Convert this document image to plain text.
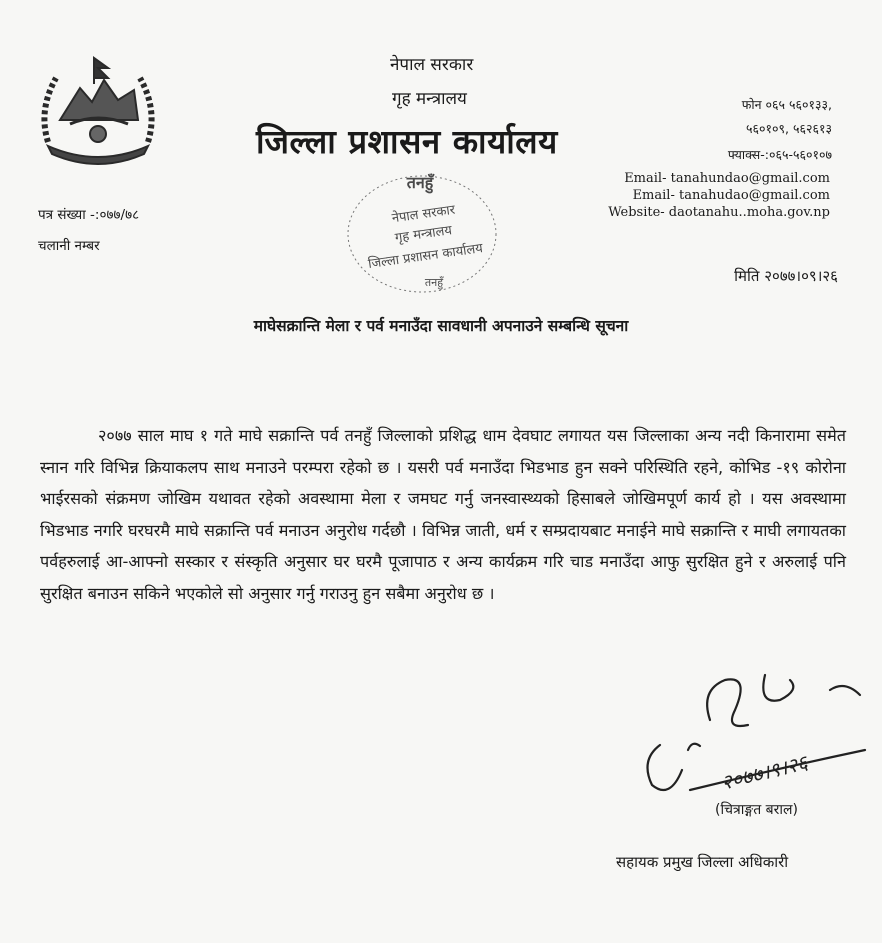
नेपाल सरकार
गृह मन्त्रालय
जिल्ला प्रशासन कार्यालय
फोन ०६५ ५६०१३३,
५६०१०९, ५६२६१३
फ्याक्स-:०६५-५६०१०७
Email- tanahundao@gmail.com
Email- tanahudao@gmail.com
Website- daotanahu..moha.gov.np
पत्र संख्या -:०७७/७८
चलानी नम्बर
तनहुँ
नेपाल सरकार
गृह मन्त्रालय
जिल्ला प्रशासन कार्यालय
तनहुँ	मिति २०७७।०९।२६
माघेसक्रान्ति मेला र पर्व मनाउँदा सावधानी अपनाउने सम्बन्धि सूचना
२०७७ साल माघ १ गते माघे सक्रान्ति पर्व तनहुँ जिल्लाको प्रशिद्ध धाम देवघाट लगायत यस जिल्लाका अन्य नदी किनारामा समेत स्नान गरि विभिन्न क्रियाकलप साथ मनाउने परम्परा रहेको छ । यसरी पर्व मनाउँदा भिडभाड हुन सक्ने परिस्थिति रहने, कोभिड -१९ कोरोना भाईरसको संक्रमण जोखिम यथावत रहेको अवस्थामा मेला र जमघट गर्नु जनस्वास्थ्यको हिसाबले जोखिमपूर्ण कार्य हो । यस अवस्थामा भिडभाड नगरि घरघरमै माघे सक्रान्ति पर्व मनाउन अनुरोध गर्दछौ । विभिन्न जाती, धर्म र सम्प्रदायबाट मनाईने माघे सक्रान्ति र माघी लगायतका पर्वहरुलाई आ-आफ्नो सस्कार र संस्कृति अनुसार घर घरमै पूजापाठ र अन्य कार्यक्रम गरि चाड मनाउँदा आफु सुरक्षित हुने र अरुलाई पनि सुरक्षित बनाउन सकिने भएकोले सो अनुसार गर्नु गराउनु हुन सबैमा अनुरोध छ ।
२०७७।९।२६
(चित्राङ्गत बराल)
सहायक प्रमुख जिल्ला अधिकारी
